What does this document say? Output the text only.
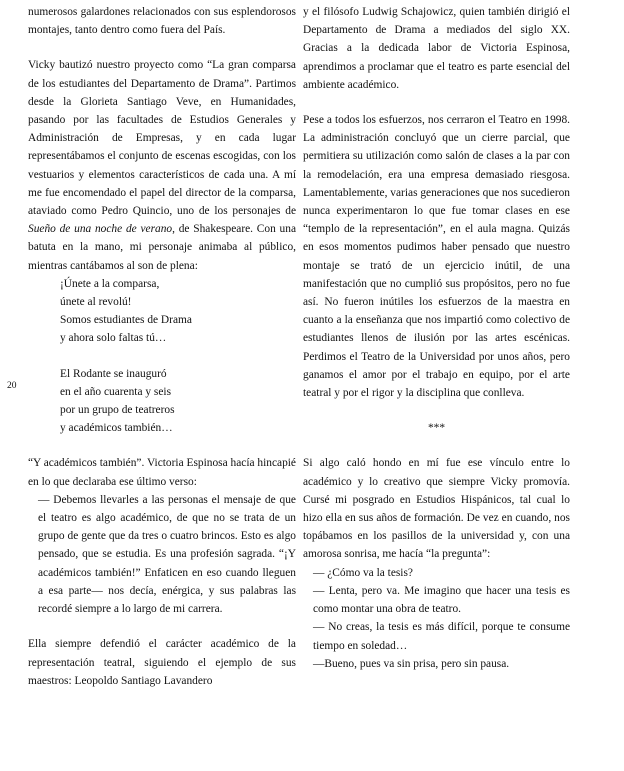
20

numerosos galardones relacionados con sus esplendorosos montajes, tanto dentro como fuera del País.

Vicky bautizó nuestro proyecto como “La gran comparsa de los estudiantes del Departamento de Drama”. Partimos desde la Glorieta Santiago Veve, en Humanidades, pasando por las facultades de Estudios Generales y Administración de Empresas, y en cada lugar representábamos el conjunto de escenas escogidas, con los vestuarios y elementos característicos de cada una. A mí me fue encomendado el papel del director de la comparsa, ataviado como Pedro Quincio, uno de los personajes de Sueño de una noche de verano, de Shakespeare. Con una batuta en la mano, mi personaje animaba al público, mientras cantábamos al son de plena:

¡Únete a la comparsa,
únete al revolú!
Somos estudiantes de Drama
y ahora solo faltas tú…
El Rodante se inauguró
en el año cuarenta y seis
por un grupo de teatreros
y académicos también…

“Y académicos también”. Victoria Espinosa hacía hincapié en lo que declaraba ese último verso:

— Debemos llevarles a las personas el mensaje de que el teatro es algo académico, de que no se trata de un grupo de gente que da tres o cuatro brincos. Esto es algo pensado, que se estudia. Es una profesión sagrada. “¡Y académicos también!” Enfaticen en eso cuando lleguen a esa parte— nos decía, enérgica, y sus palabras las recordé siempre a lo largo de mi carrera.

Ella siempre defendió el carácter académico de la representación teatral, siguiendo el ejemplo de sus maestros: Leopoldo Santiago Lavandero

y el filósofo Ludwig Schajowicz, quien también dirigió el Departamento de Drama a mediados del siglo XX. Gracias a la dedicada labor de Victoria Espinosa, aprendimos a proclamar que el teatro es parte esencial del ambiente académico.

Pese a todos los esfuerzos, nos cerraron el Teatro en 1998. La administración concluyó que un cierre parcial, que permitiera su utilización como salón de clases a la par con la remodelación, era una empresa demasiado riesgosa. Lamentablemente, varias generaciones que nos sucedieron nunca experimentaron lo que fue tomar clases en ese “templo de la representación”, en el aula magna. Quizás en esos momentos pudimos haber pensado que nuestro montaje se trató de un ejercicio inútil, de una manifestación que no cumplió sus propósitos, pero no fue así. No fueron inútiles los esfuerzos de la maestra en cuanto a la enseñanza que nos impartió como colectivo de estudiantes llenos de ilusión por las artes escénicas. Perdimos el Teatro de la Universidad por unos años, pero ganamos el amor por el trabajo en equipo, por el arte teatral y por el rigor y la disciplina que conlleva.

***

Si algo caló hondo en mí fue ese vínculo entre lo académico y lo creativo que siempre Vicky promovía. Cursé mi posgrado en Estudios Hispánicos, tal cual lo hizo ella en sus años de formación. De vez en cuando, nos topábamos en los pasillos de la universidad y, con una amorosa sonrisa, me hacía “la pregunta”:

— ¿Cómo va la tesis?

— Lenta, pero va. Me imagino que hacer una tesis es como montar una obra de teatro.

— No creas, la tesis es más difícil, porque te consume tiempo en soledad…

—Bueno, pues va sin prisa, pero sin pausa.
